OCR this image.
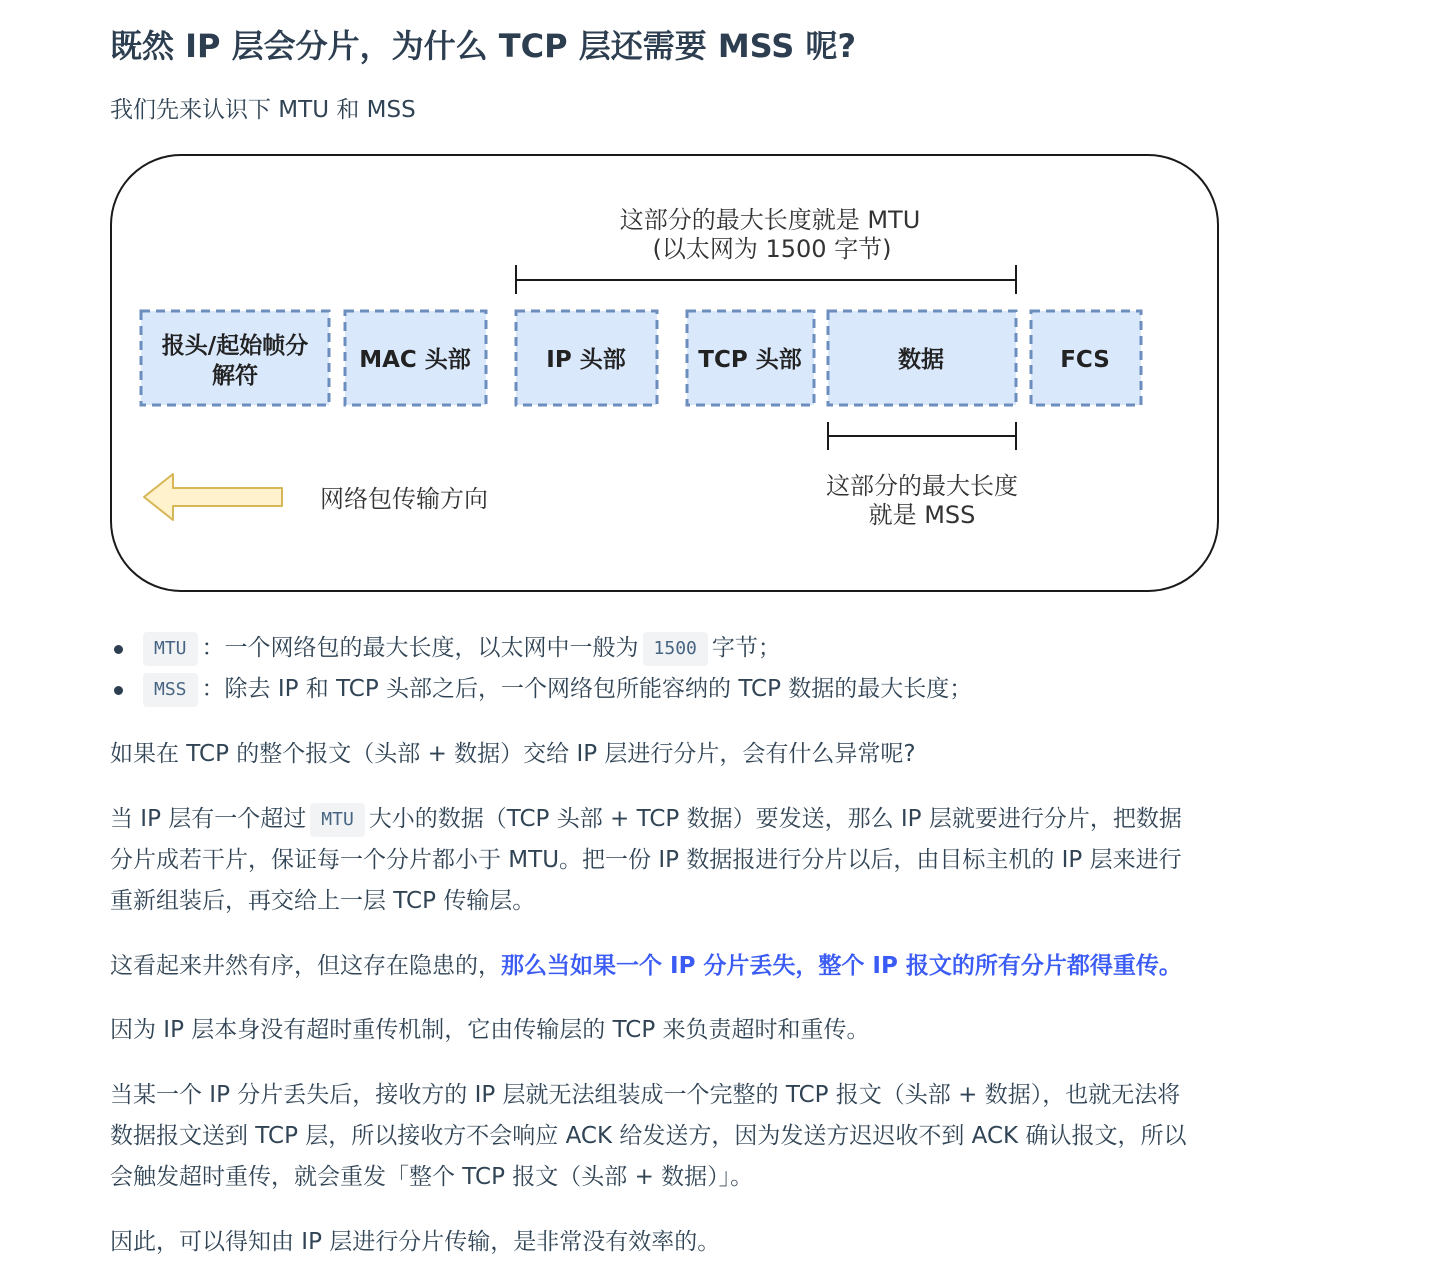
既然 IP 层会分片，为什么 TCP 层还需要 MSS 呢?

我们先来认识下 MTU 和 MSS

这部分的最大长度就是 MTU
(以太网为 1500 字节)
报头/起始帧分
解符
MAC 头部	IP 头部	TCP 头部	数据	FCS
这部分的最大长度
就是 MSS
网络包传输方向
MTU ：一个网络包的最大长度，以太网中一般为 1500 字节；
MSS ：除去 IP 和 TCP 头部之后，一个网络包所能容纳的 TCP 数据的最大长度；

如果在 TCP 的整个报文（头部 + 数据）交给 IP 层进行分片，会有什么异常呢?

当 IP 层有一个超过 MTU 大小的数据（TCP 头部 + TCP 数据）要发送，那么 IP 层就要进行分片，把数据
分片成若干片，保证每一个分片都小于 MTU。把一份 IP 数据报进行分片以后，由目标主机的 IP 层来进行
重新组装后，再交给上一层 TCP 传输层。

这看起来井然有序，但这存在隐患的，那么当如果一个 IP 分片丢失，整个 IP 报文的所有分片都得重传。

因为 IP 层本身没有超时重传机制，它由传输层的 TCP 来负责超时和重传。

当某一个 IP 分片丢失后，接收方的 IP 层就无法组装成一个完整的 TCP 报文（头部 + 数据），也就无法将
数据报文送到 TCP 层，所以接收方不会响应 ACK 给发送方，因为发送方迟迟收不到 ACK 确认报文，所以
会触发超时重传，就会重发「整个 TCP 报文（头部 + 数据）」。

因此，可以得知由 IP 层进行分片传输，是非常没有效率的。
